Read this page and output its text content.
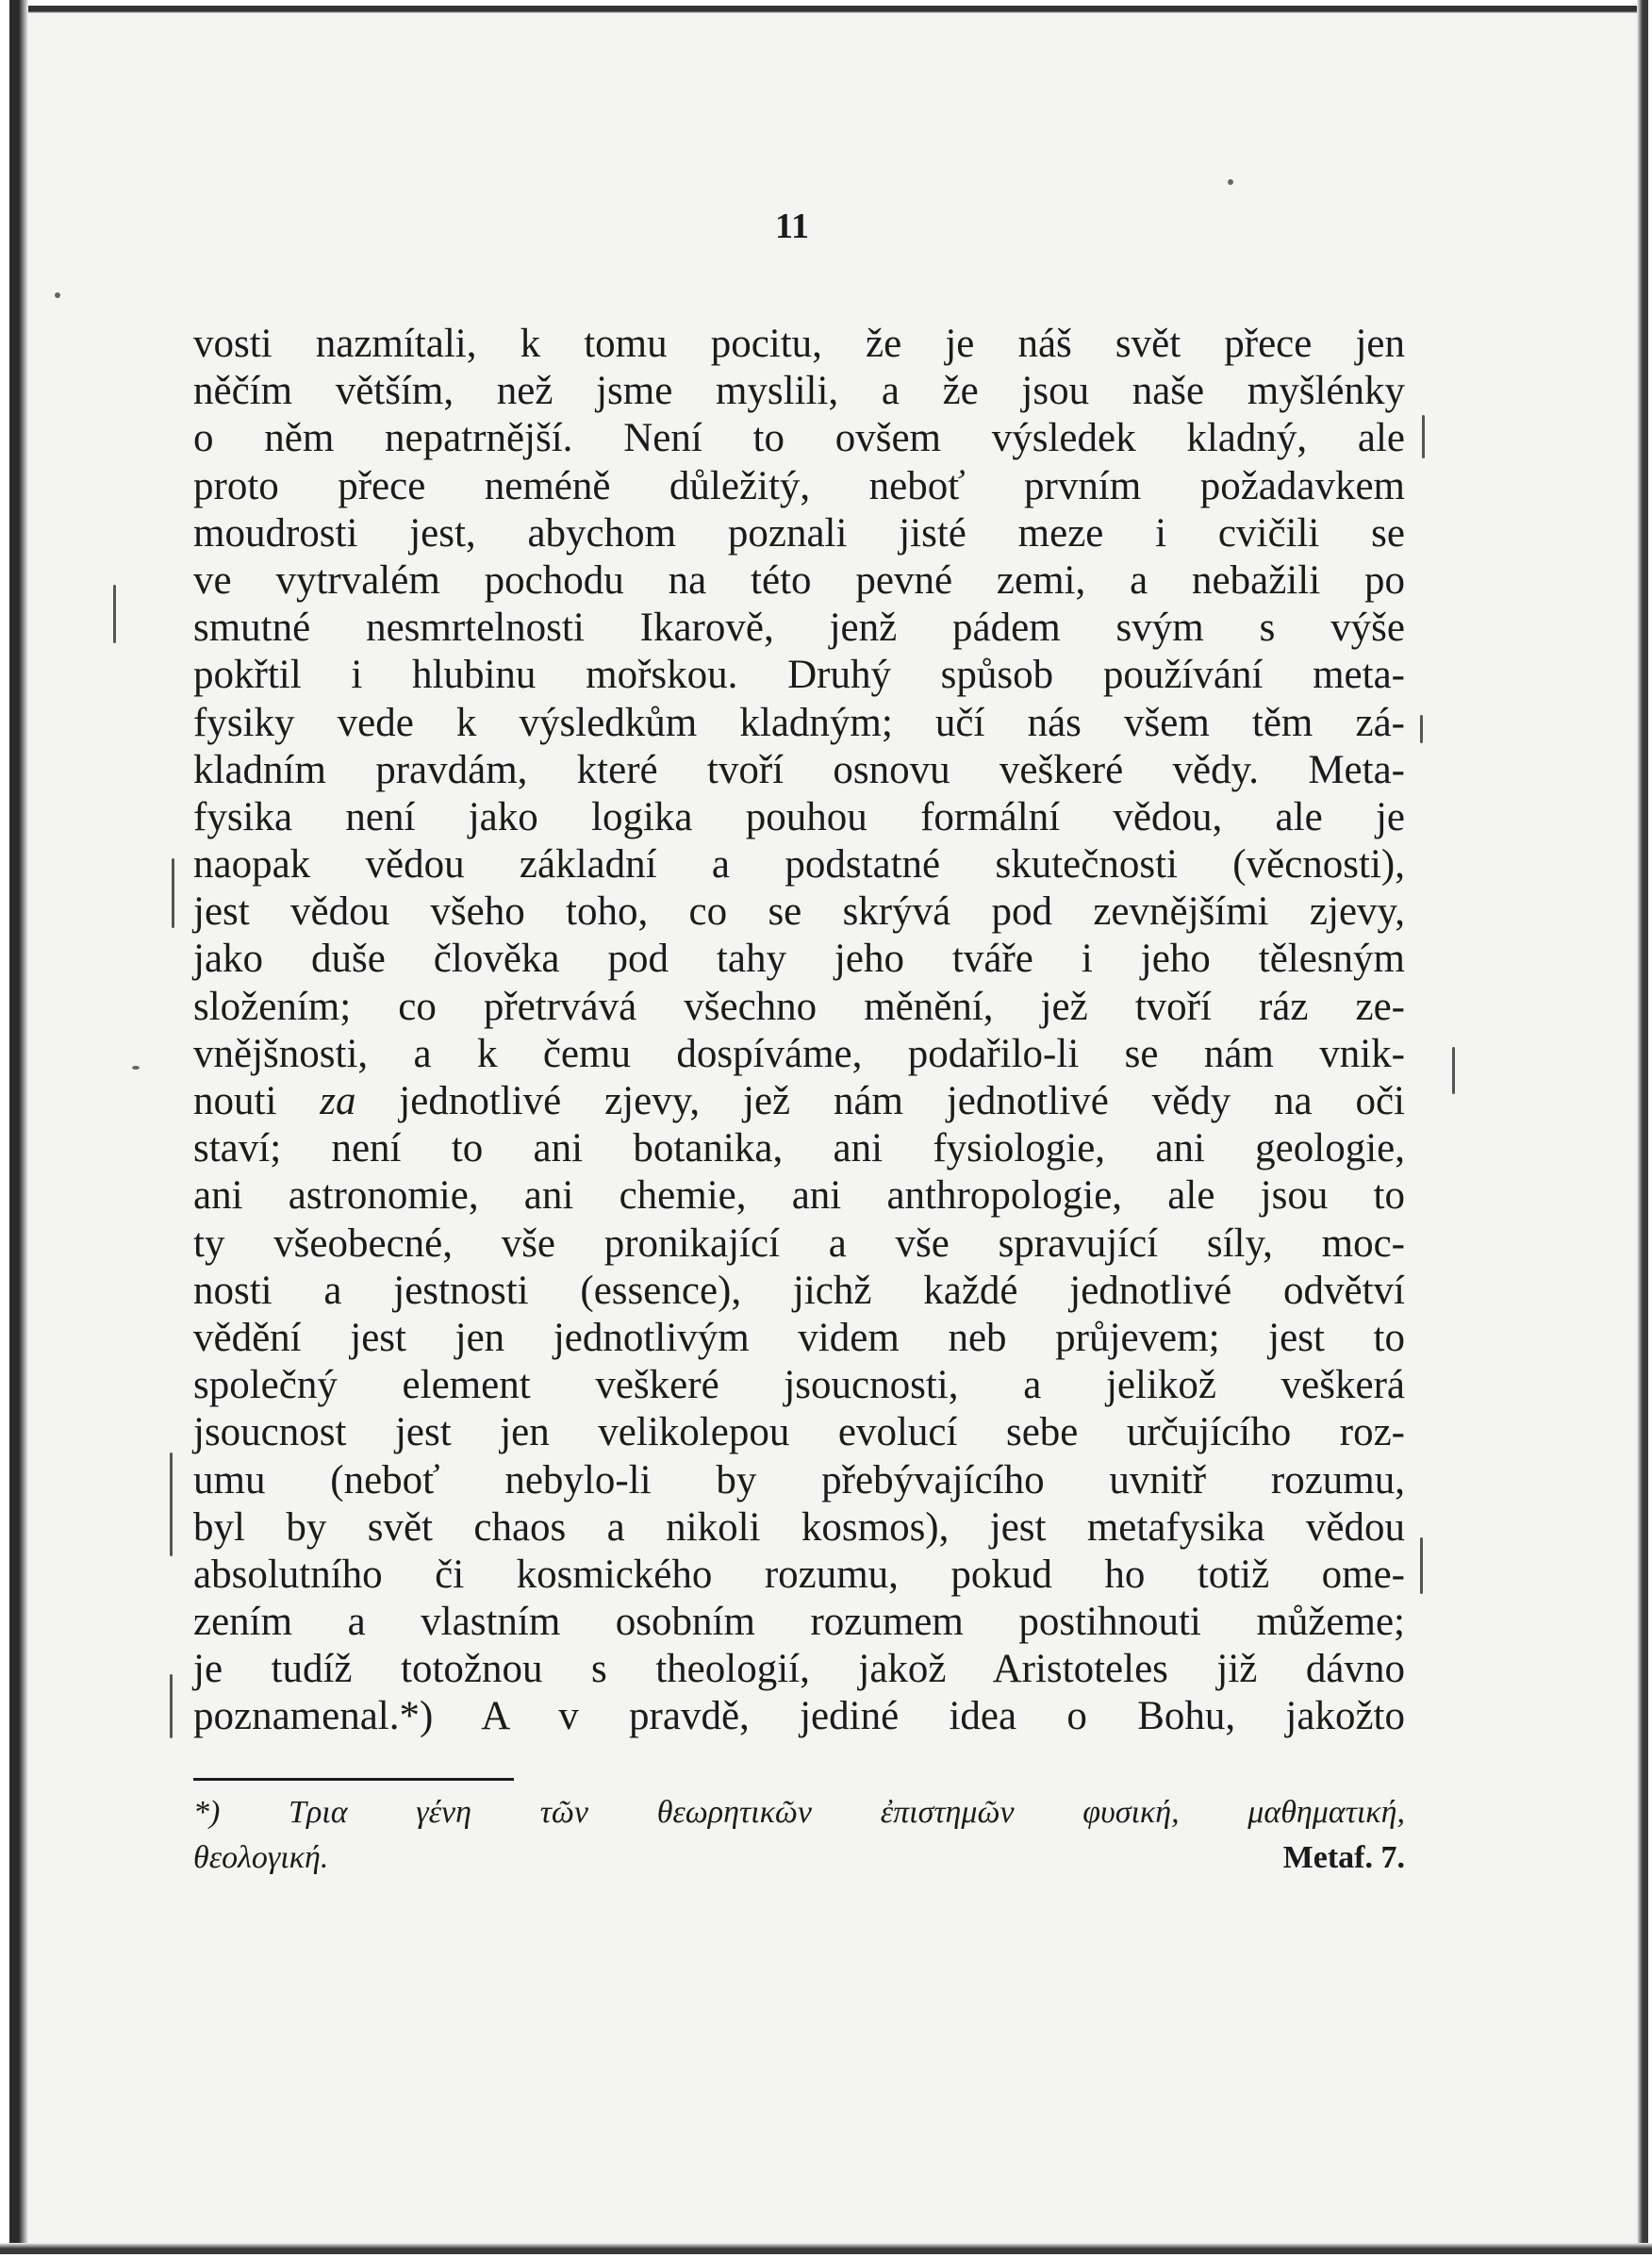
11
vosti nazmítali, k tomu pocitu, že je náš svět přece jen
něčím větším, než jsme myslili, a že jsou naše myšlénky
o něm nepatrnější. Není to ovšem výsledek kladný, ale
proto přece neméně důležitý, neboť prvním požadavkem
moudrosti jest, abychom poznali jisté meze i cvičili se
ve vytrvalém pochodu na této pevné zemi, a nebažili po
smutné nesmrtelnosti Ikarově, jenž pádem svým s výše
pokřtil i hlubinu mořskou. Druhý spůsob používání meta-
fysiky vede k výsledkům kladným; učí nás všem těm zá-
kladním pravdám, které tvoří osnovu veškeré vědy. Meta-
fysika není jako logika pouhou formální vědou, ale je
naopak vědou základní a podstatné skutečnosti (věcnosti),
jest vědou všeho toho, co se skrývá pod zevnějšími zjevy,
jako duše člověka pod tahy jeho tváře i jeho tělesným
složením; co přetrvává všechno měnění, jež tvoří ráz ze-
vnějšnosti, a k čemu dospíváme, podařilo-li se nám vnik-
nouti za jednotlivé zjevy, jež nám jednotlivé vědy na oči
staví; není to ani botanika, ani fysiologie, ani geologie,
ani astronomie, ani chemie, ani anthropologie, ale jsou to
ty všeobecné, vše pronikající a vše spravující síly, moc-
nosti a jestnosti (essence), jichž každé jednotlivé odvětví
vědění jest jen jednotlivým videm neb průjevem; jest to
společný element veškeré jsoucnosti, a jelikož veškerá
jsoucnost jest jen velikolepou evolucí sebe určujícího roz-
umu (neboť nebylo-li by přebývajícího uvnitř rozumu,
byl by svět chaos a nikoli kosmos), jest metafysika vědou
absolutního či kosmického rozumu, pokud ho totiž ome-
zením a vlastním osobním rozumem postihnouti můžeme;
je tudíž totožnou s theologií, jakož Aristoteles již dávno
poznamenal.*) A v pravdě, jediné idea o Bohu, jakožto
*) Τρια γένη τῶν θεωρητικῶν ἐπιστημῶν φυσική, μαθηματική,
θεολογική.	Metaf. 7.
